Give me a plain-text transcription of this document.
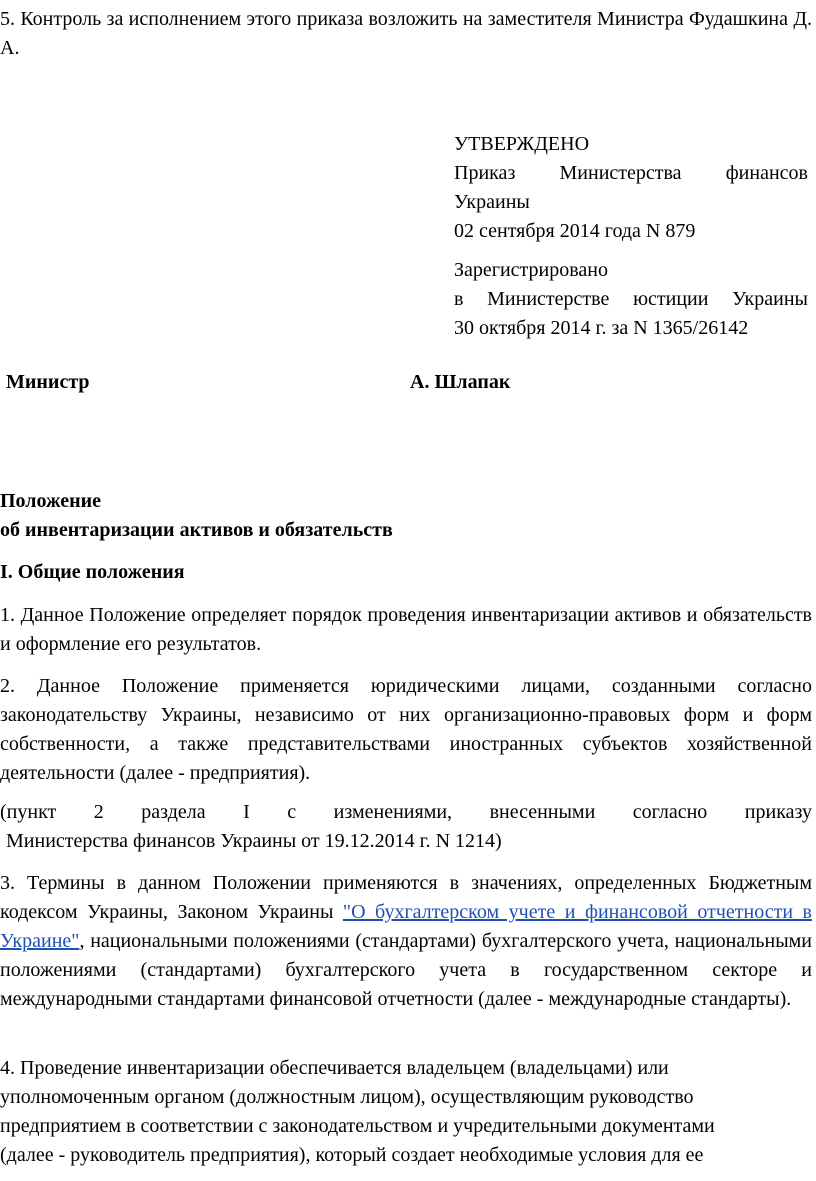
5. Контроль за исполнением этого приказа возложить на заместителя Министра Фудашкина Д. А.

УТВЕРЖДЕНО
Приказ Министерства финансов Украины
02 сентября 2014 года N 879
Зарегистрировано
в Министерстве юстиции Украины
30 октября 2014 г. за N 1365/26142
Министр	А. Шлапак
Положение
об инвентаризации активов и обязательств

I. Общие положения

1. Данное Положение определяет порядок проведения инвентаризации активов и обязательств и оформление его результатов.

2. Данное Положение применяется юридическими лицами, созданными согласно законодательству Украины, независимо от них организационно-правовых форм и форм собственности, а также представительствами иностранных субъектов хозяйственной деятельности (далее - предприятия).

(пункт 2 раздела I с изменениями, внесенными согласно приказу
Министерства финансов Украины от 19.12.2014 г. N 1214)

3. Термины в данном Положении применяются в значениях, определенных Бюджетным кодексом Украины, Законом Украины "О бухгалтерском учете и финансовой отчетности в Украине", национальными положениями (стандартами) бухгалтерского учета, национальными положениями (стандартами) бухгалтерского учета в государственном секторе и международными стандартами финансовой отчетности (далее - международные стандарты).

4. Проведение инвентаризации обеспечивается владельцем (владельцами) или
уполномоченным органом (должностным лицом), осуществляющим руководство
предприятием в соответствии с законодательством и учредительными документами
(далее - руководитель предприятия), который создает необходимые условия для ее
